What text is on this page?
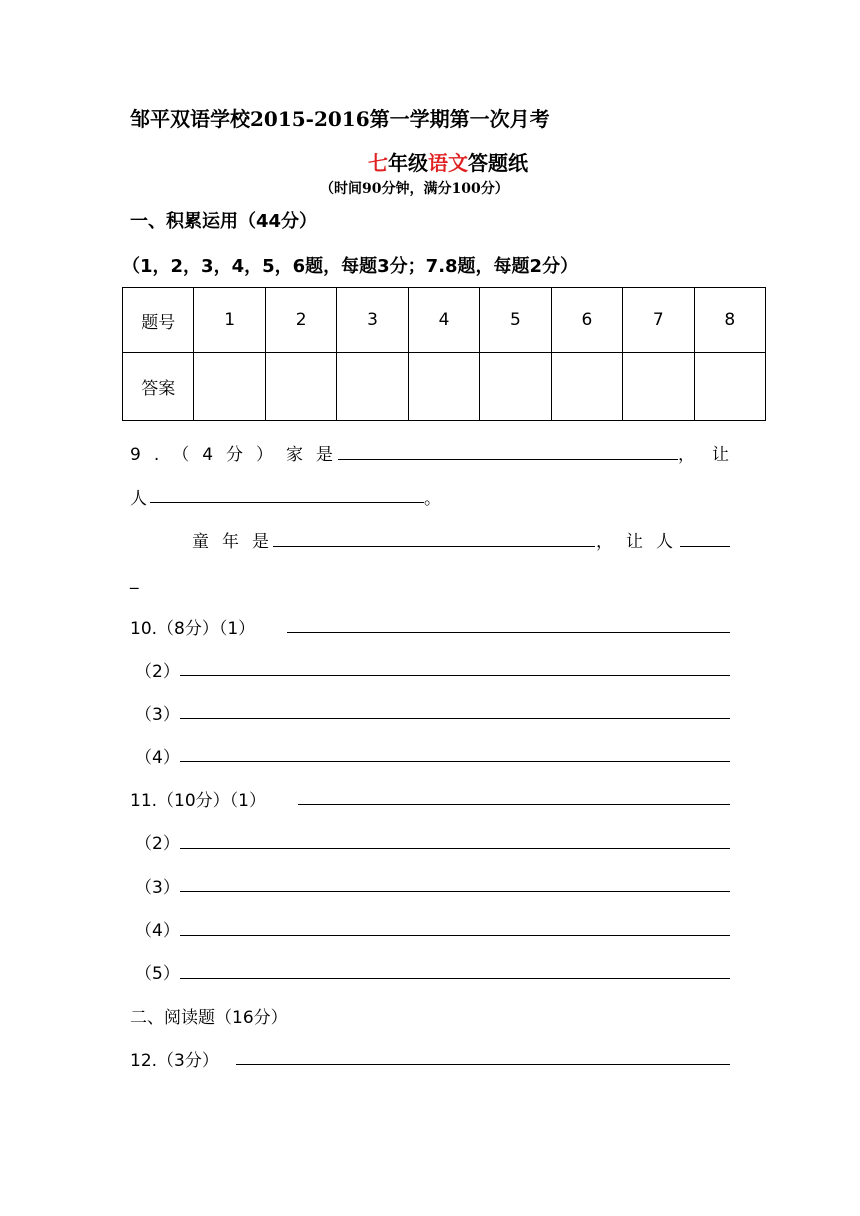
邹平双语学校2015-2016第一学期第一次月考
七年级语文答题纸
（时间90分钟，满分100分）
一、积累运用（44分）
（1，2，3，4，5，6题，每题3分；7.8题，每题2分）
题号	1	2	3	4	5	6	7	8
答案								
9.（4分）家是	， 让
人	。
童年是	，让人
_
10.（8分）（1）
（2）
（3）
（4）
11.（10分）（1）
（2）
（3）
（4）
（5）
二、阅读题（16分）
12.（3分）
